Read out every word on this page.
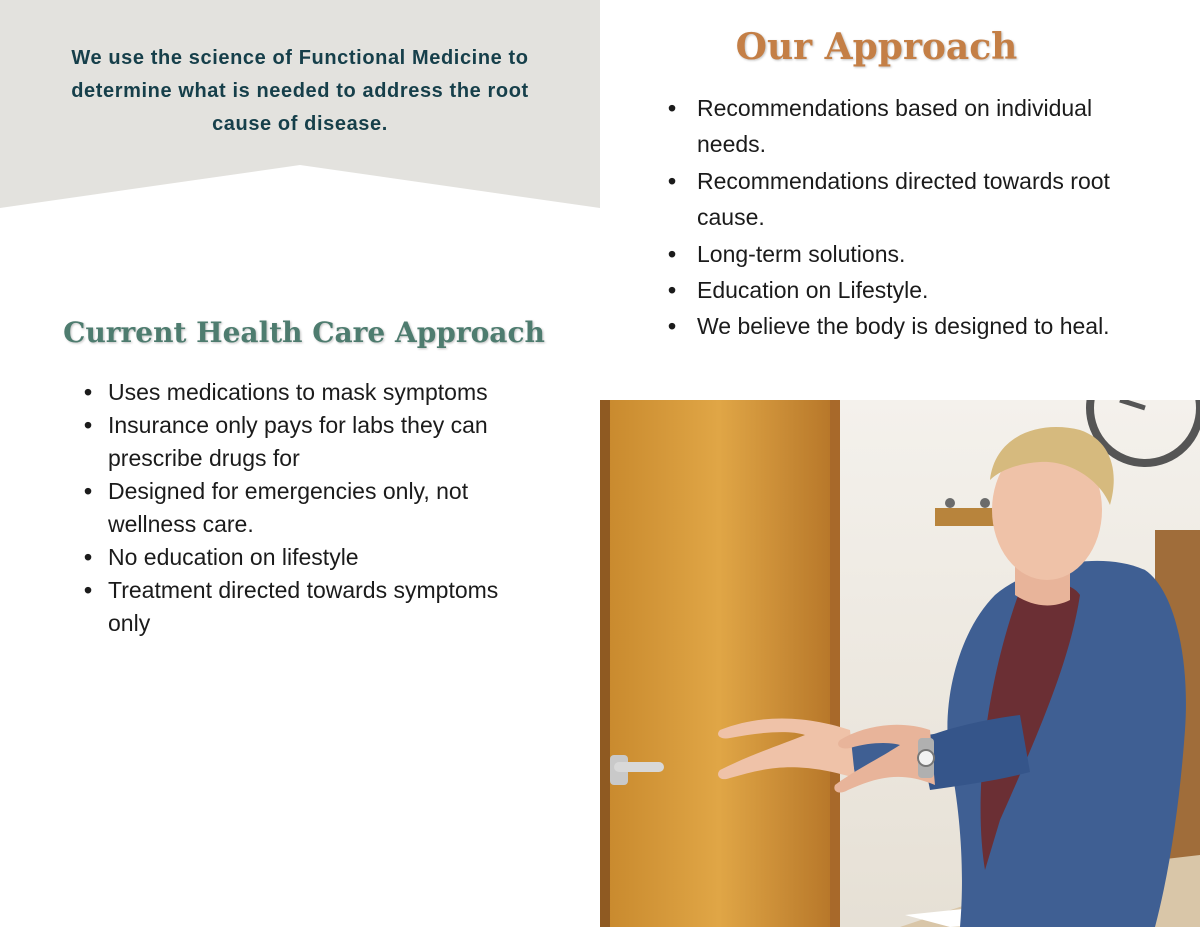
We use the science of Functional Medicine to determine what is needed to address the root cause of disease.
Our Approach
• Recommendations based on individual needs.
• Recommendations directed towards root cause.
• Long-term solutions.
• Education on Lifestyle.
• We believe the body is designed to heal.
Current Health Care Approach
• Uses medications to mask symptoms
• Insurance only pays for labs they can prescribe drugs for
• Designed for emergencies only, not wellness care.
• No education on lifestyle
• Treatment directed towards symptoms only
